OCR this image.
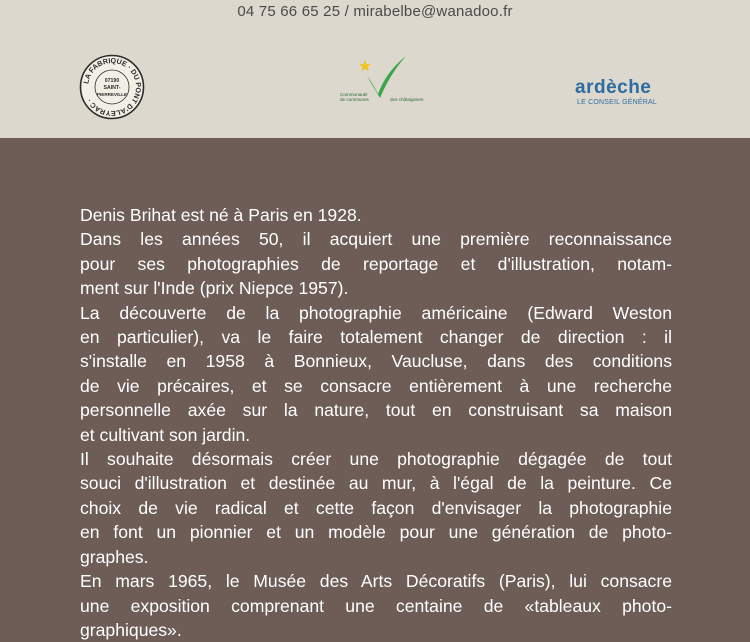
04 75 66 65 25 / mirabelbe@wanadoo.fr
LA FABRIQUE · DU PONT D'ALEYRAC ·
07190
SAINT-
PIERREVILLE	Communauté
de communes	des châtaigniers
ardèche
LE CONSEIL GÉNÉRAL

Denis Brihat est né à Paris en 1928.

Dans les années 50, il acquiert une première reconnaissance
pour ses photographies de reportage et d'illustration, notam-
ment sur l'Inde (prix Niepce 1957).

La découverte de la photographie américaine (Edward Weston
en particulier), va le faire totalement changer de direction : il
s'installe en 1958 à Bonnieux, Vaucluse, dans des conditions
de vie précaires, et se consacre entièrement à une recherche
personnelle axée sur la nature, tout en construisant sa maison
et cultivant son jardin.

Il souhaite désormais créer une photographie dégagée de tout
souci d'illustration et destinée au mur, à l'égal de la peinture. Ce
choix de vie radical et cette façon d'envisager la photographie
en font un pionnier et un modèle pour une génération de photo-
graphes.

En mars 1965, le Musée des Arts Décoratifs (Paris), lui consacre
une exposition comprenant une centaine de «tableaux photo-
graphiques».
